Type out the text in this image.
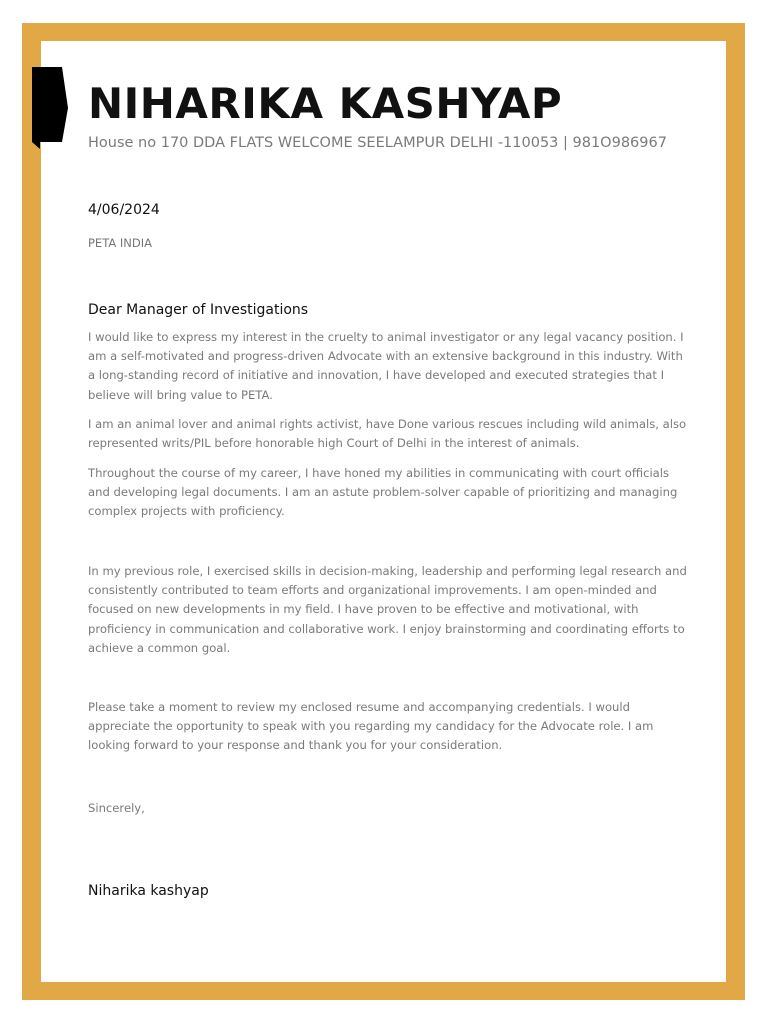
NIHARIKA KASHYAP
House no 170 DDA FLATS WELCOME SEELAMPUR DELHI -110053 | 981O986967
4/06/2024
PETA INDIA
Dear Manager of Investigations

I would like to express my interest in the cruelty to animal investigator or any legal vacancy position. I am a self-motivated and progress-driven Advocate with an extensive background in this industry. With a long-standing record of initiative and innovation, I have developed and executed strategies that I believe will bring value to PETA.

I am an animal lover and animal rights activist, have Done various rescues including wild animals, also represented writs/PIL before honorable high Court of Delhi in the interest of animals.

Throughout the course of my career, I have honed my abilities in communicating with court officials and developing legal documents. I am an astute problem-solver capable of prioritizing and managing complex projects with proficiency.

In my previous role, I exercised skills in decision-making, leadership and performing legal research and consistently contributed to team efforts and organizational improvements. I am open-minded and focused on new developments in my field. I have proven to be effective and motivational, with proficiency in communication and collaborative work. I enjoy brainstorming and coordinating efforts to achieve a common goal.

Please take a moment to review my enclosed resume and accompanying credentials. I would appreciate the opportunity to speak with you regarding my candidacy for the Advocate role. I am looking forward to your response and thank you for your consideration.

Sincerely,
Niharika kashyap
